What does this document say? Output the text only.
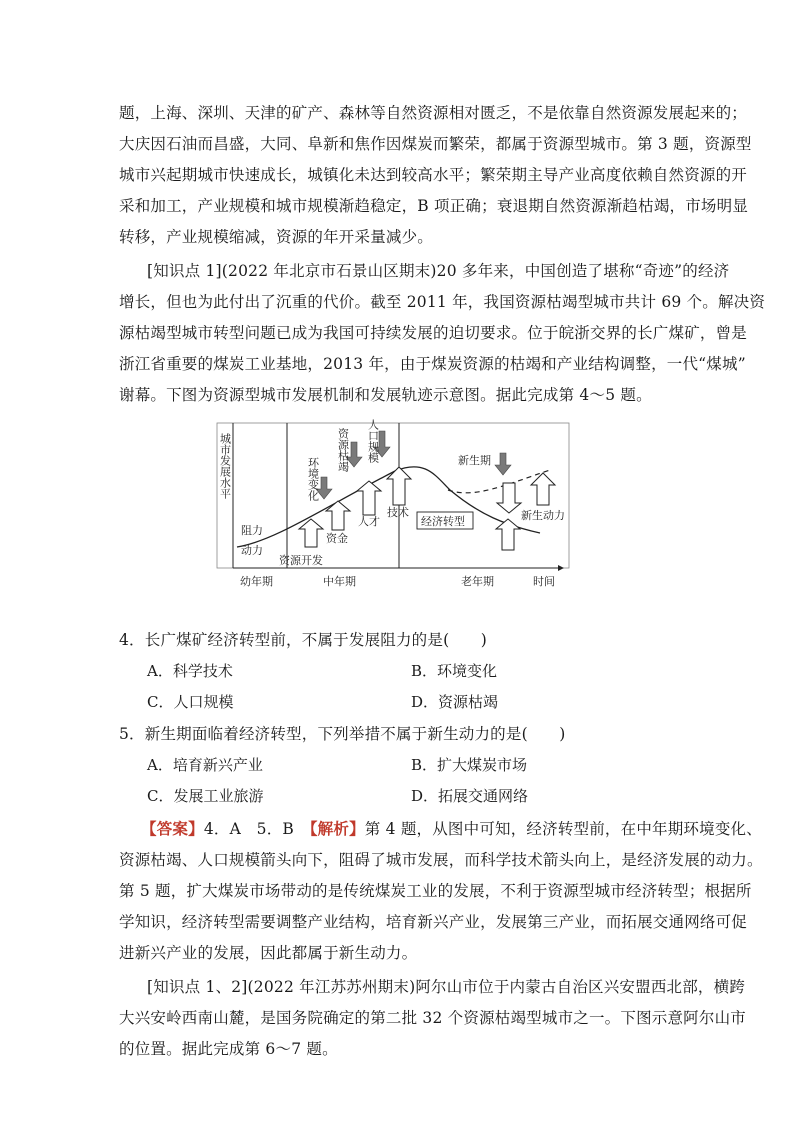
题，上海、深圳、天津的矿产、森林等自然资源相对匮乏，不是依靠自然资源发展起来的；
大庆因石油而昌盛，大同、阜新和焦作因煤炭而繁荣，都属于资源型城市。第 3 题，资源型
城市兴起期城市快速成长，城镇化未达到较高水平；繁荣期主导产业高度依赖自然资源的开
采和加工，产业规模和城市规模渐趋稳定，B 项正确；衰退期自然资源渐趋枯竭，市场明显
转移，产业规模缩减，资源的年开采量减少。
[知识点 1](2022 年北京市石景山区期末)20 多年来，中国创造了堪称“奇迹”的经济
增长，但也为此付出了沉重的代价。截至 2011 年，我国资源枯竭型城市共计 69 个。解决资
源枯竭型城市转型问题已成为我国可持续发展的迫切要求。位于皖浙交界的长广煤矿，曾是
浙江省重要的煤炭工业基地，2013 年，由于煤炭资源的枯竭和产业结构调整，一代“煤城”
谢幕。下图为资源型城市发展机制和发展轨迹示意图。据此完成第 4～5 题。
城市发展水平
阻力
动力
资源开发
资金
人才
技术
新生期
新生动力
经济转型
环境变化
资源枯竭 人口规模
幼年期	中年期	老年期	时间
4．长广煤矿经济转型前，不属于发展阻力的是(　　)
A．科学技术	B．环境变化
C．人口规模	D．资源枯竭
5．新生期面临着经济转型，下列举措不属于新生动力的是(　　)
A．培育新兴产业	B．扩大煤炭市场
C．发展工业旅游	D．拓展交通网络
【答案】4．A　5．B　【解析】第 4 题，从图中可知，经济转型前，在中年期环境变化、
资源枯竭、人口规模箭头向下，阻碍了城市发展，而科学技术箭头向上，是经济发展的动力。
第 5 题，扩大煤炭市场带动的是传统煤炭工业的发展，不利于资源型城市经济转型；根据所
学知识，经济转型需要调整产业结构，培育新兴产业，发展第三产业，而拓展交通网络可促
进新兴产业的发展，因此都属于新生动力。
[知识点 1、2](2022 年江苏苏州期末)阿尔山市位于内蒙古自治区兴安盟西北部，横跨
大兴安岭西南山麓，是国务院确定的第二批 32 个资源枯竭型城市之一。下图示意阿尔山市
的位置。据此完成第 6～7 题。
